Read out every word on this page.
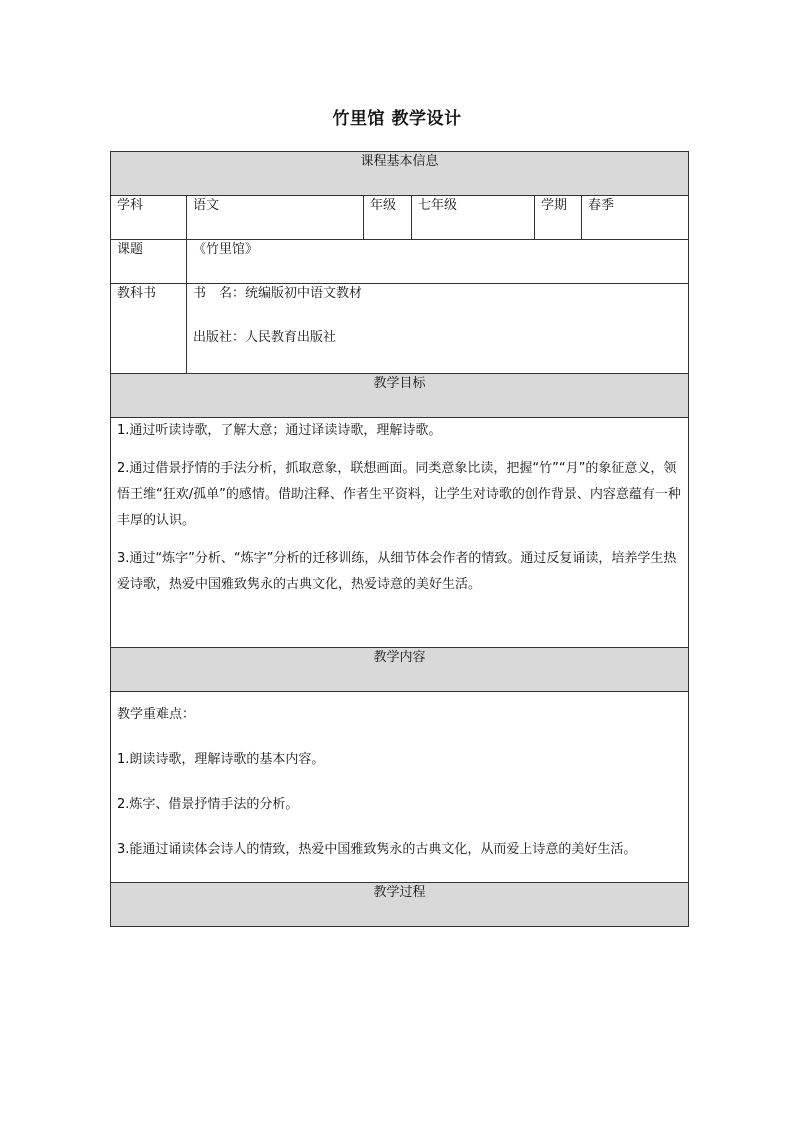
竹里馆 教学设计
课程基本信息					
学科	语文	年级	七年级	学期	春季
课题	《竹里馆》				
教科书	书　名：统编版初中语文教材

出版社：人民教育出版社				

教学目标					

1.通过听读诗歌，了解大意；通过译读诗歌，理解诗歌。

2.通过借景抒情的手法分析，抓取意象，联想画面。同类意象比读，把握“竹”“月”的象征意义，领悟王维“狂欢/孤单”的感情。借助注释、作者生平资料，让学生对诗歌的创作背景、内容意蕴有一种丰厚的认识。

3.通过“炼字”分析、“炼字”分析的迁移训练，从细节体会作者的情致。通过反复诵读，培养学生热爱诗歌，热爱中国雅致隽永的古典文化，热爱诗意的美好生活。					

教学内容					

教学重难点：

1.朗读诗歌，理解诗歌的基本内容。

2.炼字、借景抒情手法的分析。

3.能通过诵读体会诗人的情致，热爱中国雅致隽永的古典文化，从而爱上诗意的美好生活。					

教学过程					
